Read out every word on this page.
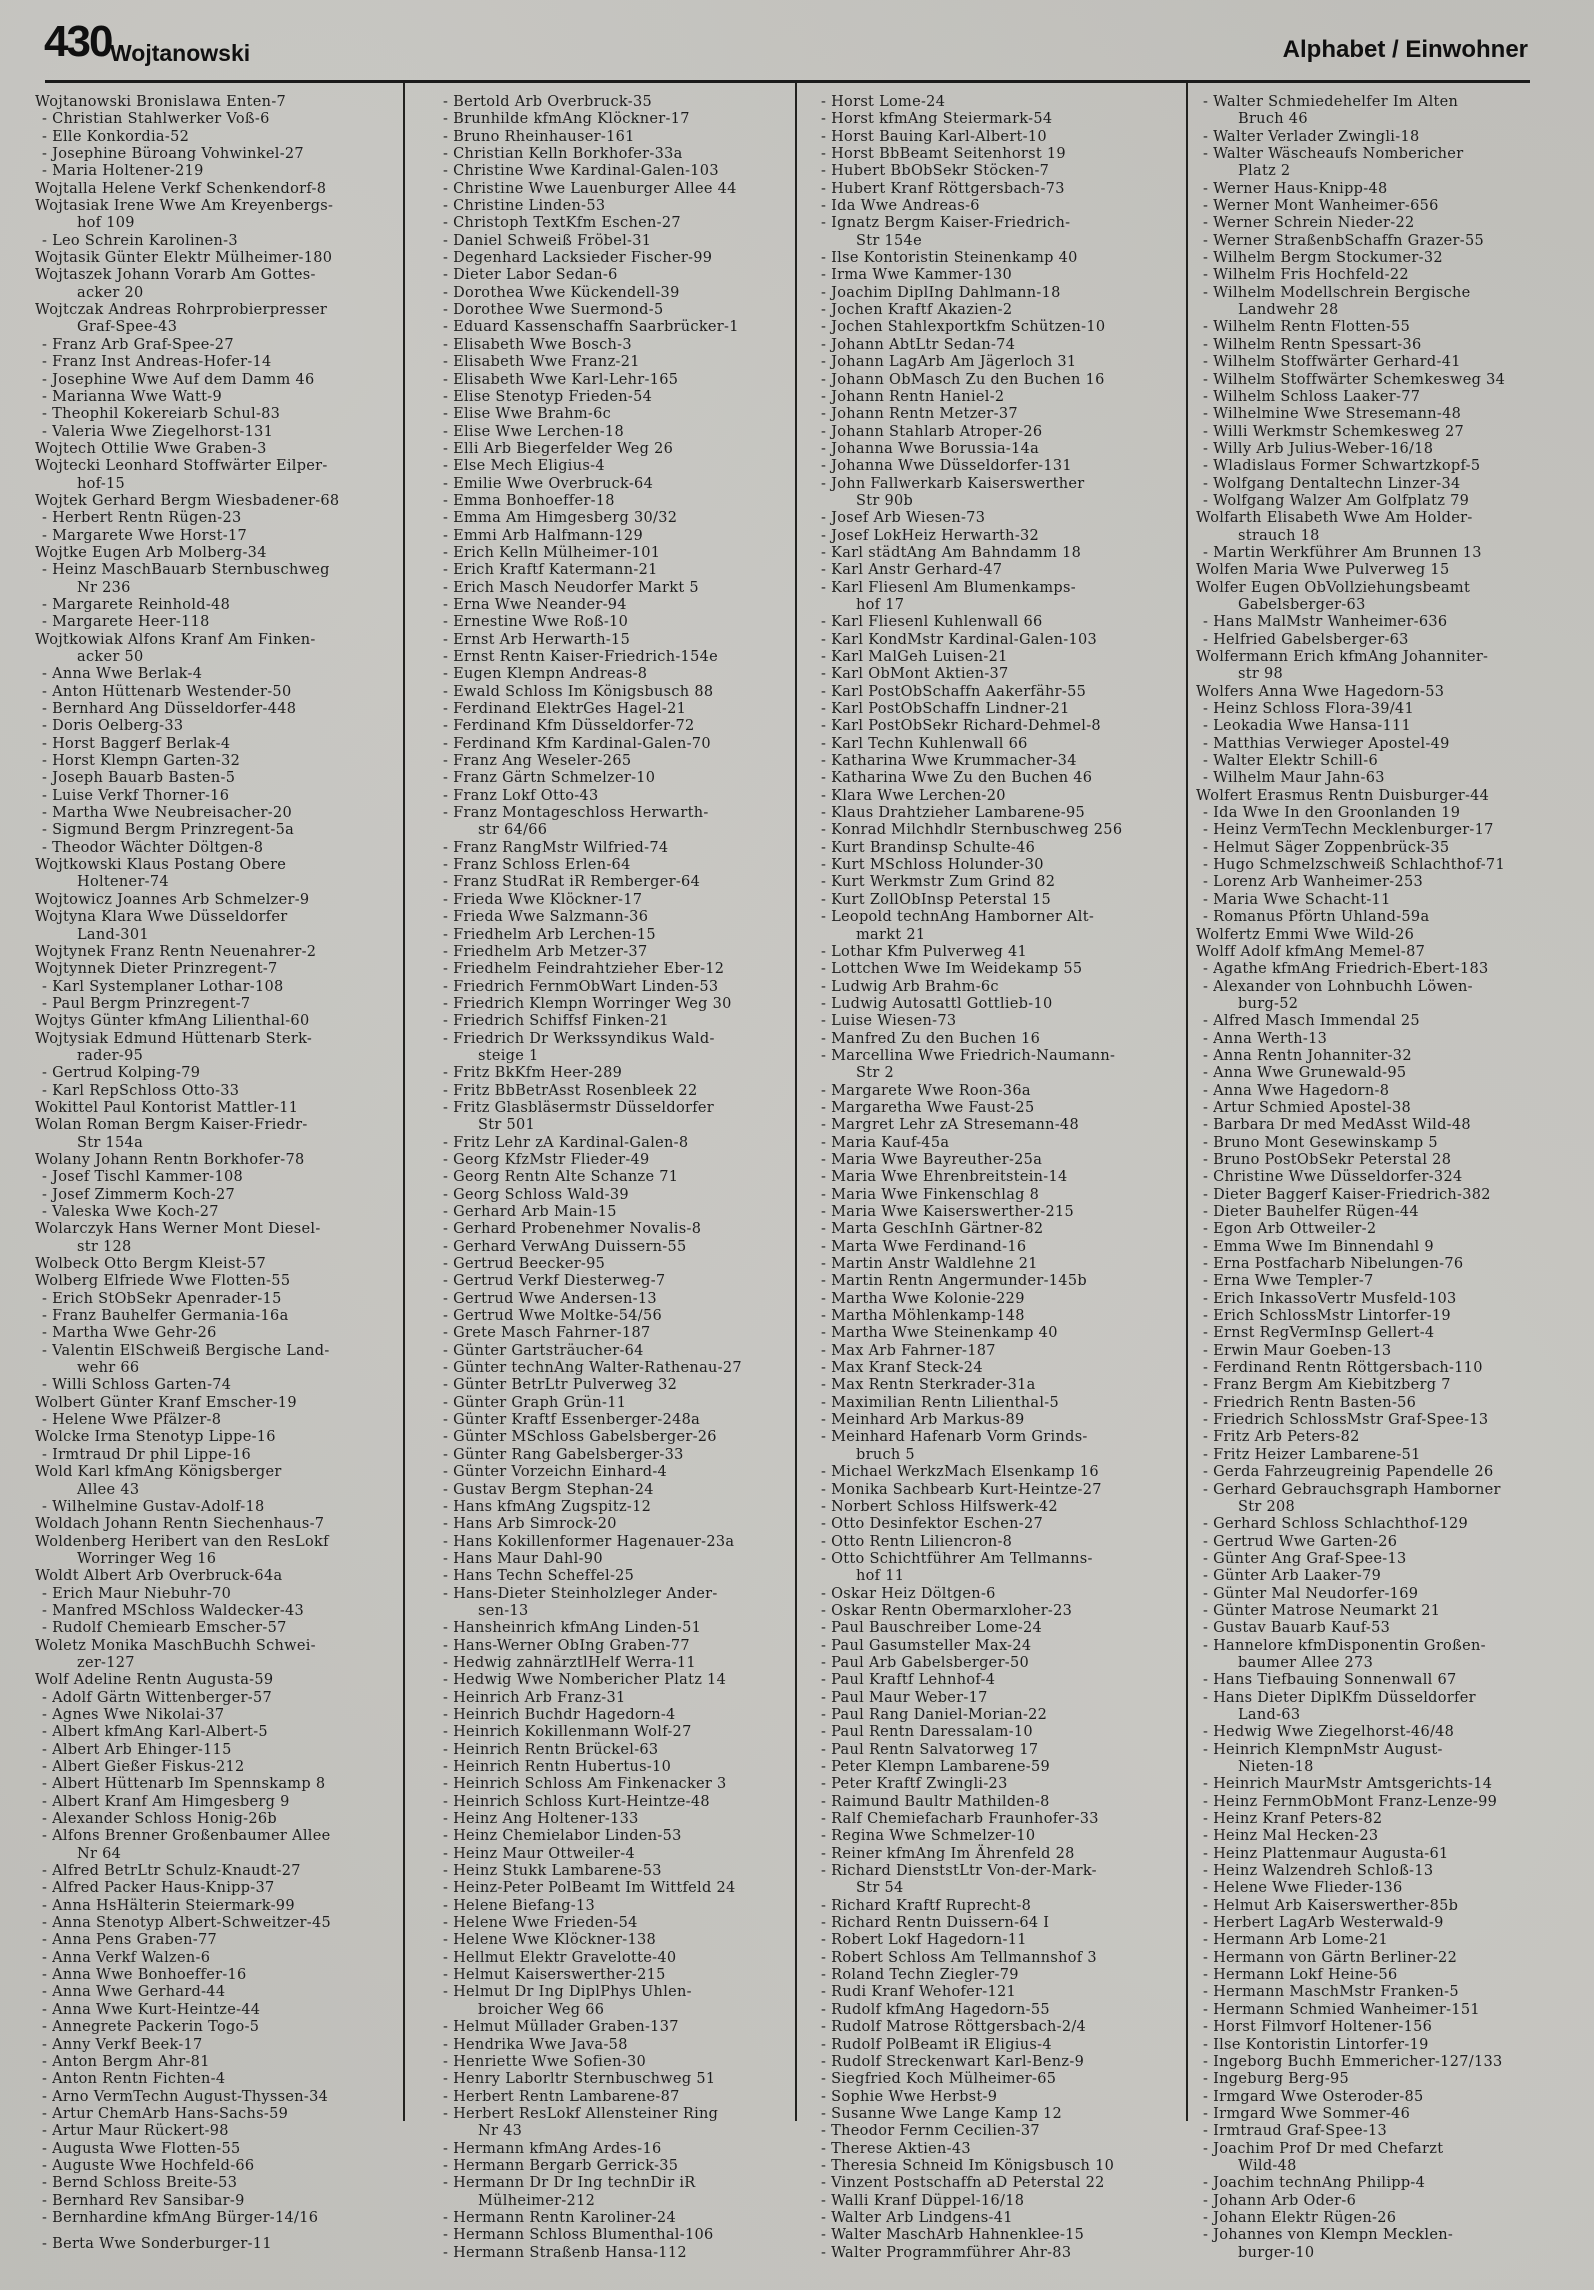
430
Wojtanowski	Alphabet / Einwohner
Wojtanowski Bronislawa Enten-7
- Christian Stahlwerker Voß-6
- Elle Konkordia-52
- Josephine Büroang Vohwinkel-27
- Maria Holtener-219
Wojtalla Helene Verkf Schenkendorf-8
Wojtasiak Irene Wwe Am Kreyenbergs-
hof 109
- Leo Schrein Karolinen-3
Wojtasik Günter Elektr Mülheimer-180
Wojtaszek Johann Vorarb Am Gottes-
acker 20
Wojtczak Andreas Rohrprobierpresser
Graf-Spee-43
- Franz Arb Graf-Spee-27
- Franz Inst Andreas-Hofer-14
- Josephine Wwe Auf dem Damm 46
- Marianna Wwe Watt-9
- Theophil Kokereiarb Schul-83
- Valeria Wwe Ziegelhorst-131
Wojtech Ottilie Wwe Graben-3
Wojtecki Leonhard Stoffwärter Eilper-
hof-15
Wojtek Gerhard Bergm Wiesbadener-68
- Herbert Rentn Rügen-23
- Margarete Wwe Horst-17
Wojtke Eugen Arb Molberg-34
- Heinz MaschBauarb Sternbuschweg
Nr 236
- Margarete Reinhold-48
- Margarete Heer-118
Wojtkowiak Alfons Kranf Am Finken-
acker 50
- Anna Wwe Berlak-4
- Anton Hüttenarb Westender-50
- Bernhard Ang Düsseldorfer-448
- Doris Oelberg-33
- Horst Baggerf Berlak-4
- Horst Klempn Garten-32
- Joseph Bauarb Basten-5
- Luise Verkf Thorner-16
- Martha Wwe Neubreisacher-20
- Sigmund Bergm Prinzregent-5a
- Theodor Wächter Döltgen-8
Wojtkowski Klaus Postang Obere
Holtener-74
Wojtowicz Joannes Arb Schmelzer-9
Wojtyna Klara Wwe Düsseldorfer
Land-301
Wojtynek Franz Rentn Neuenahrer-2
Wojtynnek Dieter Prinzregent-7
- Karl Systemplaner Lothar-108
- Paul Bergm Prinzregent-7
Wojtys Günter kfmAng Lilienthal-60
Wojtysiak Edmund Hüttenarb Sterk-
rader-95
- Gertrud Kolping-79
- Karl RepSchloss Otto-33
Wokittel Paul Kontorist Mattler-11
Wolan Roman Bergm Kaiser-Friedr-
Str 154a
Wolany Johann Rentn Borkhofer-78
- Josef Tischl Kammer-108
- Josef Zimmerm Koch-27
- Valeska Wwe Koch-27
Wolarczyk Hans Werner Mont Diesel-
str 128
Wolbeck Otto Bergm Kleist-57
Wolberg Elfriede Wwe Flotten-55
- Erich StObSekr Apenrader-15
- Franz Bauhelfer Germania-16a
- Martha Wwe Gehr-26
- Valentin ElSchweiß Bergische Land-
wehr 66
- Willi Schloss Garten-74
Wolbert Günter Kranf Emscher-19
- Helene Wwe Pfälzer-8
Wolcke Irma Stenotyp Lippe-16
- Irmtraud Dr phil Lippe-16
Wold Karl kfmAng Königsberger
Allee 43
- Wilhelmine Gustav-Adolf-18
Woldach Johann Rentn Siechenhaus-7
Woldenberg Heribert van den ResLokf
Worringer Weg 16
Woldt Albert Arb Overbruck-64a
- Erich Maur Niebuhr-70
- Manfred MSchloss Waldecker-43
- Rudolf Chemiearb Emscher-57
Woletz Monika MaschBuchh Schwei-
zer-127
Wolf Adeline Rentn Augusta-59
- Adolf Gärtn Wittenberger-57
- Agnes Wwe Nikolai-37
- Albert kfmAng Karl-Albert-5
- Albert Arb Ehinger-115
- Albert Gießer Fiskus-212
- Albert Hüttenarb Im Spennskamp 8
- Albert Kranf Am Himgesberg 9
- Alexander Schloss Honig-26b
- Alfons Brenner Großenbaumer Allee
Nr 64
- Alfred BetrLtr Schulz-Knaudt-27
- Alfred Packer Haus-Knipp-37
- Anna HsHälterin Steiermark-99
- Anna Stenotyp Albert-Schweitzer-45
- Anna Pens Graben-77
- Anna Verkf Walzen-6
- Anna Wwe Bonhoeffer-16
- Anna Wwe Gerhard-44
- Anna Wwe Kurt-Heintze-44
- Annegrete Packerin Togo-5
- Anny Verkf Beek-17
- Anton Bergm Ahr-81
- Anton Rentn Fichten-4
- Arno VermTechn August-Thyssen-34
- Artur ChemArb Hans-Sachs-59
- Artur Maur Rückert-98
- Augusta Wwe Flotten-55
- Auguste Wwe Hochfeld-66
- Bernd Schloss Breite-53
- Bernhard Rev Sansibar-9
- Bernhardine kfmAng Bürger-14/16
- Berta Wwe Sonderburger-11
- Bertold Arb Overbruck-35
- Brunhilde kfmAng Klöckner-17
- Bruno Rheinhauser-161
- Christian Kelln Borkhofer-33a
- Christine Wwe Kardinal-Galen-103
- Christine Wwe Lauenburger Allee 44
- Christine Linden-53
- Christoph TextKfm Eschen-27
- Daniel Schweiß Fröbel-31
- Degenhard Lacksieder Fischer-99
- Dieter Labor Sedan-6
- Dorothea Wwe Kückendell-39
- Dorothee Wwe Suermond-5
- Eduard Kassenschaffn Saarbrücker-1
- Elisabeth Wwe Bosch-3
- Elisabeth Wwe Franz-21
- Elisabeth Wwe Karl-Lehr-165
- Elise Stenotyp Frieden-54
- Elise Wwe Brahm-6c
- Elise Wwe Lerchen-18
- Elli Arb Biegerfelder Weg 26
- Else Mech Eligius-4
- Emilie Wwe Overbruck-64
- Emma Bonhoeffer-18
- Emma Am Himgesberg 30/32
- Emmi Arb Halfmann-129
- Erich Kelln Mülheimer-101
- Erich Kraftf Katermann-21
- Erich Masch Neudorfer Markt 5
- Erna Wwe Neander-94
- Ernestine Wwe Roß-10
- Ernst Arb Herwarth-15
- Ernst Rentn Kaiser-Friedrich-154e
- Eugen Klempn Andreas-8
- Ewald Schloss Im Königsbusch 88
- Ferdinand ElektrGes Hagel-21
- Ferdinand Kfm Düsseldorfer-72
- Ferdinand Kfm Kardinal-Galen-70
- Franz Ang Weseler-265
- Franz Gärtn Schmelzer-10
- Franz Lokf Otto-43
- Franz Montageschloss Herwarth-
str 64/66
- Franz RangMstr Wilfried-74
- Franz Schloss Erlen-64
- Franz StudRat iR Remberger-64
- Frieda Wwe Klöckner-17
- Frieda Wwe Salzmann-36
- Friedhelm Arb Lerchen-15
- Friedhelm Arb Metzer-37
- Friedhelm Feindrahtzieher Eber-12
- Friedrich FernmObWart Linden-53
- Friedrich Klempn Worringer Weg 30
- Friedrich Schiffsf Finken-21
- Friedrich Dr Werkssyndikus Wald-
steige 1
- Fritz BkKfm Heer-289
- Fritz BbBetrAsst Rosenbleek 22
- Fritz Glasbläsermstr Düsseldorfer
Str 501
- Fritz Lehr zA Kardinal-Galen-8
- Georg KfzMstr Flieder-49
- Georg Rentn Alte Schanze 71
- Georg Schloss Wald-39
- Gerhard Arb Main-15
- Gerhard Probenehmer Novalis-8
- Gerhard VerwAng Duissern-55
- Gertrud Beecker-95
- Gertrud Verkf Diesterweg-7
- Gertrud Wwe Andersen-13
- Gertrud Wwe Moltke-54/56
- Grete Masch Fahrner-187
- Günter Gartsträucher-64
- Günter technAng Walter-Rathenau-27
- Günter BetrLtr Pulverweg 32
- Günter Graph Grün-11
- Günter Kraftf Essenberger-248a
- Günter MSchloss Gabelsberger-26
- Günter Rang Gabelsberger-33
- Günter Vorzeichn Einhard-4
- Gustav Bergm Stephan-24
- Hans kfmAng Zugspitz-12
- Hans Arb Simrock-20
- Hans Kokillenformer Hagenauer-23a
- Hans Maur Dahl-90
- Hans Techn Scheffel-25
- Hans-Dieter Steinholzleger Ander-
sen-13
- Hansheinrich kfmAng Linden-51
- Hans-Werner ObIng Graben-77
- Hedwig zahnärztlHelf Werra-11
- Hedwig Wwe Nombericher Platz 14
- Heinrich Arb Franz-31
- Heinrich Buchdr Hagedorn-4
- Heinrich Kokillenmann Wolf-27
- Heinrich Rentn Brückel-63
- Heinrich Rentn Hubertus-10
- Heinrich Schloss Am Finkenacker 3
- Heinrich Schloss Kurt-Heintze-48
- Heinz Ang Holtener-133
- Heinz Chemielabor Linden-53
- Heinz Maur Ottweiler-4
- Heinz Stukk Lambarene-53
- Heinz-Peter PolBeamt Im Wittfeld 24
- Helene Biefang-13
- Helene Wwe Frieden-54
- Helene Wwe Klöckner-138
- Hellmut Elektr Gravelotte-40
- Helmut Kaiserswerther-215
- Helmut Dr Ing DiplPhys Uhlen-
broicher Weg 66
- Helmut Müllader Graben-137
- Hendrika Wwe Java-58
- Henriette Wwe Sofien-30
- Henry Laborltr Sternbuschweg 51
- Herbert Rentn Lambarene-87
- Herbert ResLokf Allensteiner Ring
Nr 43
- Hermann kfmAng Ardes-16
- Hermann Bergarb Gerrick-35
- Hermann Dr Dr Ing technDir iR
Mülheimer-212
- Hermann Rentn Karoliner-24
- Hermann Schloss Blumenthal-106
- Hermann Straßenb Hansa-112
- Horst Lome-24
- Horst kfmAng Steiermark-54
- Horst Bauing Karl-Albert-10
- Horst BbBeamt Seitenhorst 19
- Hubert BbObSekr Stöcken-7
- Hubert Kranf Röttgersbach-73
- Ida Wwe Andreas-6
- Ignatz Bergm Kaiser-Friedrich-
Str 154e
- Ilse Kontoristin Steinenkamp 40
- Irma Wwe Kammer-130
- Joachim DiplIng Dahlmann-18
- Jochen Kraftf Akazien-2
- Jochen Stahlexportkfm Schützen-10
- Johann AbtLtr Sedan-74
- Johann LagArb Am Jägerloch 31
- Johann ObMasch Zu den Buchen 16
- Johann Rentn Haniel-2
- Johann Rentn Metzer-37
- Johann Stahlarb Atroper-26
- Johanna Wwe Borussia-14a
- Johanna Wwe Düsseldorfer-131
- John Fallwerkarb Kaiserswerther
Str 90b
- Josef Arb Wiesen-73
- Josef LokHeiz Herwarth-32
- Karl städtAng Am Bahndamm 18
- Karl Anstr Gerhard-47
- Karl Fliesenl Am Blumenkamps-
hof 17
- Karl Fliesenl Kuhlenwall 66
- Karl KondMstr Kardinal-Galen-103
- Karl MalGeh Luisen-21
- Karl ObMont Aktien-37
- Karl PostObSchaffn Aakerfähr-55
- Karl PostObSchaffn Lindner-21
- Karl PostObSekr Richard-Dehmel-8
- Karl Techn Kuhlenwall 66
- Katharina Wwe Krummacher-34
- Katharina Wwe Zu den Buchen 46
- Klara Wwe Lerchen-20
- Klaus Drahtzieher Lambarene-95
- Konrad Milchhdlr Sternbuschweg 256
- Kurt Brandinsp Schulte-46
- Kurt MSchloss Holunder-30
- Kurt Werkmstr Zum Grind 82
- Kurt ZollObInsp Peterstal 15
- Leopold technAng Hamborner Alt-
markt 21
- Lothar Kfm Pulverweg 41
- Lottchen Wwe Im Weidekamp 55
- Ludwig Arb Brahm-6c
- Ludwig Autosattl Gottlieb-10
- Luise Wiesen-73
- Manfred Zu den Buchen 16
- Marcellina Wwe Friedrich-Naumann-
Str 2
- Margarete Wwe Roon-36a
- Margaretha Wwe Faust-25
- Margret Lehr zA Stresemann-48
- Maria Kauf-45a
- Maria Wwe Bayreuther-25a
- Maria Wwe Ehrenbreitstein-14
- Maria Wwe Finkenschlag 8
- Maria Wwe Kaiserswerther-215
- Marta GeschInh Gärtner-82
- Marta Wwe Ferdinand-16
- Martin Anstr Waldlehne 21
- Martin Rentn Angermunder-145b
- Martha Wwe Kolonie-229
- Martha Möhlenkamp-148
- Martha Wwe Steinenkamp 40
- Max Arb Fahrner-187
- Max Kranf Steck-24
- Max Rentn Sterkrader-31a
- Maximilian Rentn Lilienthal-5
- Meinhard Arb Markus-89
- Meinhard Hafenarb Vorm Grinds-
bruch 5
- Michael WerkzMach Elsenkamp 16
- Monika Sachbearb Kurt-Heintze-27
- Norbert Schloss Hilfswerk-42
- Otto Desinfektor Eschen-27
- Otto Rentn Liliencron-8
- Otto Schichtführer Am Tellmanns-
hof 11
- Oskar Heiz Döltgen-6
- Oskar Rentn Obermarxloher-23
- Paul Bauschreiber Lome-24
- Paul Gasumsteller Max-24
- Paul Arb Gabelsberger-50
- Paul Kraftf Lehnhof-4
- Paul Maur Weber-17
- Paul Rang Daniel-Morian-22
- Paul Rentn Daressalam-10
- Paul Rentn Salvatorweg 17
- Peter Klempn Lambarene-59
- Peter Kraftf Zwingli-23
- Raimund Baultr Mathilden-8
- Ralf Chemiefacharb Fraunhofer-33
- Regina Wwe Schmelzer-10
- Reiner kfmAng Im Ährenfeld 28
- Richard DienststLtr Von-der-Mark-
Str 54
- Richard Kraftf Ruprecht-8
- Richard Rentn Duissern-64 I
- Robert Lokf Hagedorn-11
- Robert Schloss Am Tellmannshof 3
- Roland Techn Ziegler-79
- Rudi Kranf Wehofer-121
- Rudolf kfmAng Hagedorn-55
- Rudolf Matrose Röttgersbach-2/4
- Rudolf PolBeamt iR Eligius-4
- Rudolf Streckenwart Karl-Benz-9
- Siegfried Koch Mülheimer-65
- Sophie Wwe Herbst-9
- Susanne Wwe Lange Kamp 12
- Theodor Fernm Cecilien-37
- Therese Aktien-43
- Theresia Schneid Im Königsbusch 10
- Vinzent Postschaffn aD Peterstal 22
- Walli Kranf Düppel-16/18
- Walter Arb Lindgens-41
- Walter MaschArb Hahnenklee-15
- Walter Programmführer Ahr-83
- Walter Schmiedehelfer Im Alten
Bruch 46
- Walter Verlader Zwingli-18
- Walter Wäscheaufs Nombericher
Platz 2
- Werner Haus-Knipp-48
- Werner Mont Wanheimer-656
- Werner Schrein Nieder-22
- Werner StraßenbSchaffn Grazer-55
- Wilhelm Bergm Stockumer-32
- Wilhelm Fris Hochfeld-22
- Wilhelm Modellschrein Bergische
Landwehr 28
- Wilhelm Rentn Flotten-55
- Wilhelm Rentn Spessart-36
- Wilhelm Stoffwärter Gerhard-41
- Wilhelm Stoffwärter Schemkesweg 34
- Wilhelm Schloss Laaker-77
- Wilhelmine Wwe Stresemann-48
- Willi Werkmstr Schemkesweg 27
- Willy Arb Julius-Weber-16/18
- Wladislaus Former Schwartzkopf-5
- Wolfgang Dentaltechn Linzer-34
- Wolfgang Walzer Am Golfplatz 79
Wolfarth Elisabeth Wwe Am Holder-
strauch 18
- Martin Werkführer Am Brunnen 13
Wolfen Maria Wwe Pulverweg 15
Wolfer Eugen ObVollziehungsbeamt
Gabelsberger-63
- Hans MalMstr Wanheimer-636
- Helfried Gabelsberger-63
Wolfermann Erich kfmAng Johanniter-
str 98
Wolfers Anna Wwe Hagedorn-53
- Heinz Schloss Flora-39/41
- Leokadia Wwe Hansa-111
- Matthias Verwieger Apostel-49
- Walter Elektr Schill-6
- Wilhelm Maur Jahn-63
Wolfert Erasmus Rentn Duisburger-44
- Ida Wwe In den Groonlanden 19
- Heinz VermTechn Mecklenburger-17
- Helmut Säger Zoppenbrück-35
- Hugo Schmelzschweiß Schlachthof-71
- Lorenz Arb Wanheimer-253
- Maria Wwe Schacht-11
- Romanus Pförtn Uhland-59a
Wolfertz Emmi Wwe Wild-26
Wolff Adolf kfmAng Memel-87
- Agathe kfmAng Friedrich-Ebert-183
- Alexander von Lohnbuchh Löwen-
burg-52
- Alfred Masch Immendal 25
- Anna Werth-13
- Anna Rentn Johanniter-32
- Anna Wwe Grunewald-95
- Anna Wwe Hagedorn-8
- Artur Schmied Apostel-38
- Barbara Dr med MedAsst Wild-48
- Bruno Mont Gesewinskamp 5
- Bruno PostObSekr Peterstal 28
- Christine Wwe Düsseldorfer-324
- Dieter Baggerf Kaiser-Friedrich-382
- Dieter Bauhelfer Rügen-44
- Egon Arb Ottweiler-2
- Emma Wwe Im Binnendahl 9
- Erna Postfacharb Nibelungen-76
- Erna Wwe Templer-7
- Erich InkassoVertr Musfeld-103
- Erich SchlossMstr Lintorfer-19
- Ernst RegVermInsp Gellert-4
- Erwin Maur Goeben-13
- Ferdinand Rentn Röttgersbach-110
- Franz Bergm Am Kiebitzberg 7
- Friedrich Rentn Basten-56
- Friedrich SchlossMstr Graf-Spee-13
- Fritz Arb Peters-82
- Fritz Heizer Lambarene-51
- Gerda Fahrzeugreinig Papendelle 26
- Gerhard Gebrauchsgraph Hamborner
Str 208
- Gerhard Schloss Schlachthof-129
- Gertrud Wwe Garten-26
- Günter Ang Graf-Spee-13
- Günter Arb Laaker-79
- Günter Mal Neudorfer-169
- Günter Matrose Neumarkt 21
- Gustav Bauarb Kauf-53
- Hannelore kfmDisponentin Großen-
baumer Allee 273
- Hans Tiefbauing Sonnenwall 67
- Hans Dieter DiplKfm Düsseldorfer
Land-63
- Hedwig Wwe Ziegelhorst-46/48
- Heinrich KlempnMstr August-
Nieten-18
- Heinrich MaurMstr Amtsgerichts-14
- Heinz FernmObMont Franz-Lenze-99
- Heinz Kranf Peters-82
- Heinz Mal Hecken-23
- Heinz Plattenmaur Augusta-61
- Heinz Walzendreh Schloß-13
- Helene Wwe Flieder-136
- Helmut Arb Kaiserswerther-85b
- Herbert LagArb Westerwald-9
- Hermann Arb Lome-21
- Hermann von Gärtn Berliner-22
- Hermann Lokf Heine-56
- Hermann MaschMstr Franken-5
- Hermann Schmied Wanheimer-151
- Horst Filmvorf Holtener-156
- Ilse Kontoristin Lintorfer-19
- Ingeborg Buchh Emmericher-127/133
- Ingeburg Berg-95
- Irmgard Wwe Osteroder-85
- Irmgard Wwe Sommer-46
- Irmtraud Graf-Spee-13
- Joachim Prof Dr med Chefarzt
Wild-48
- Joachim technAng Philipp-4
- Johann Arb Oder-6
- Johann Elektr Rügen-26
- Johannes von Klempn Mecklen-
burger-10
